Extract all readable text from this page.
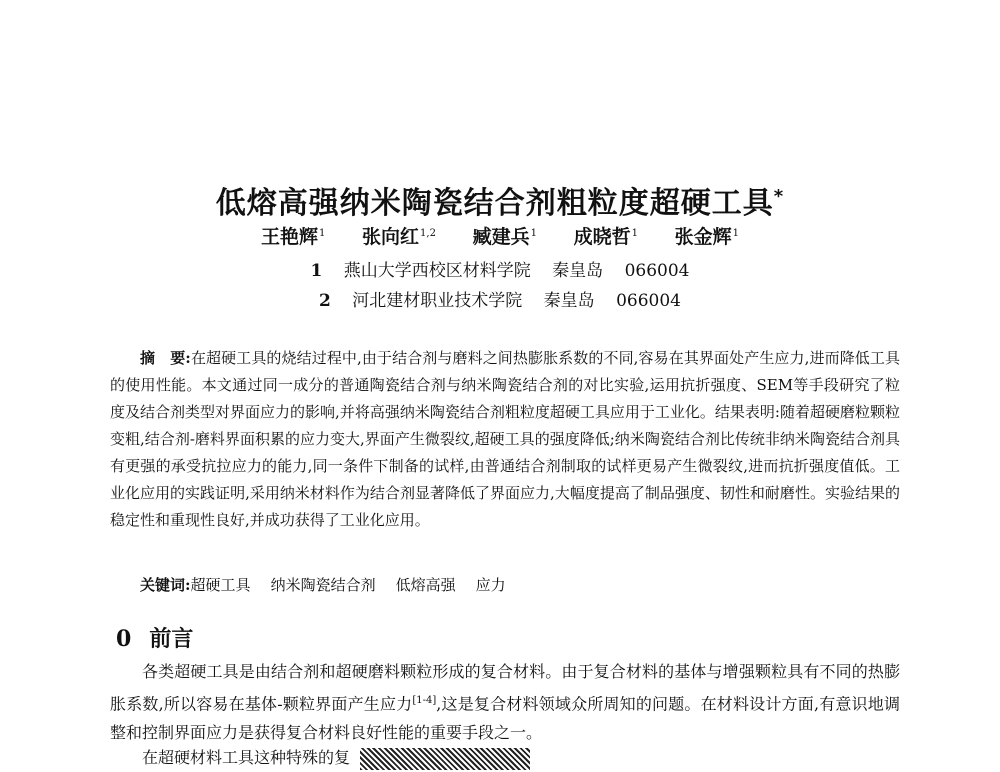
低熔高强纳米陶瓷结合剂粗粒度超硬工具*
王艳辉$^1$ 张向红$^{1,2}$ 臧建兵$^1$ 成晓哲$^1$ 张金辉$^1$
1 燕山大学西校区材料学院 秦皇岛 066004
2 河北建材职业技术学院 秦皇岛 066004

摘　要:在超硬工具的烧结过程中,由于结合剂与磨料之间热膨胀系数的不同,容易在其界面处产生应力,进而降低工具的使用性能。本文通过同一成分的普通陶瓷结合剂与纳米陶瓷结合剂的对比实验,运用抗折强度、SEM等手段研究了粒度及结合剂类型对界面应力的影响,并将高强纳米陶瓷结合剂粗粒度超硬工具应用于工业化。结果表明:随着超硬磨粒颗粒变粗,结合剂-磨料界面积累的应力变大,界面产生微裂纹,超硬工具的强度降低;纳米陶瓷结合剂比传统非纳米陶瓷结合剂具有更强的承受抗拉应力的能力,同一条件下制备的试样,由普通结合剂制取的试样更易产生微裂纹,进而抗折强度值低。工业化应用的实践证明,采用纳米材料作为结合剂显著降低了界面应力,大幅度提高了制品强度、韧性和耐磨性。实验结果的稳定性和重现性良好,并成功获得了工业化应用。

关键词:超硬工具 纳米陶瓷结合剂 低熔高强 应力

0 前言

各类超硬工具是由结合剂和超硬磨料颗粒形成的复合材料。由于复合材料的基体与增强颗粒具有不同的热膨胀系数,所以容易在基体-颗粒界面产生应力[1-4],这是复合材料领域众所周知的问题。在材料设计方面,有意识地调整和控制界面应力是获得复合材料良好性能的重要手段之一。

在超硬材料工具这种特殊的复
